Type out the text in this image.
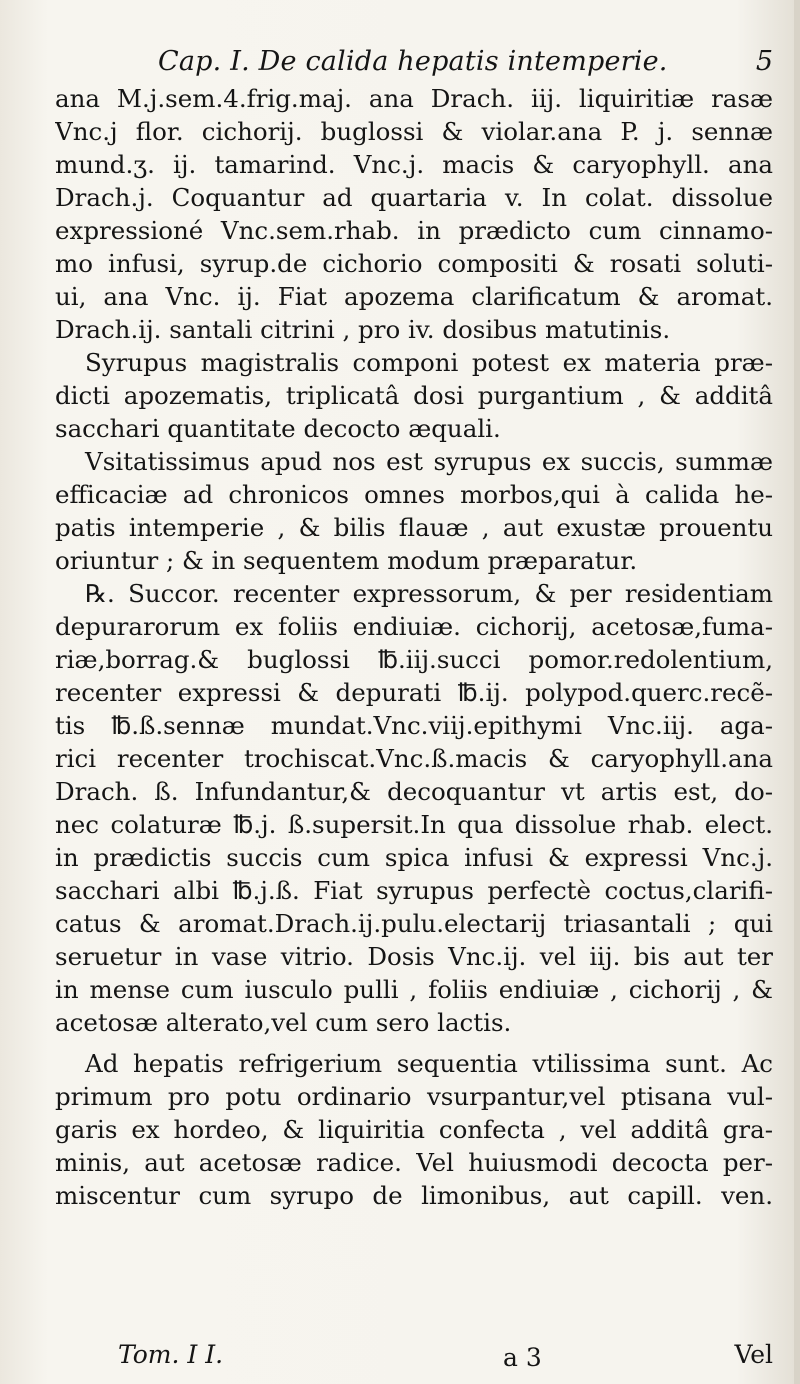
Cap. I. De calida hepatis intemperie.	5
ana M.j.sem.4.frig.maj. ana Drach. iij. liquiritiæ rasæ
Vnc.j flor. cichorij. buglossi & violar.ana P. j. sennæ
mund.ʒ. ij. tamarind. Vnc.j. macis & caryophyll. ana
Drach.j. Coquantur ad quartaria v. In colat. dissolue
expressioné Vnc.sem.rhab. in prædicto cum cinnamo-
mo infusi, syrup.de cichorio compositi & rosati soluti-
ui, ana Vnc. ij. Fiat apozema clarificatum & aromat.
Drach.ij. santali citrini , pro iv. dosibus matutinis.
Syrupus magistralis componi potest ex materia præ-
dicti apozematis, triplicatâ dosi purgantium , & additâ
sacchari quantitate decocto æquali.
Vsitatissimus apud nos est syrupus ex succis, summæ
efficaciæ ad chronicos omnes morbos,qui à calida he-
patis intemperie , & bilis flauæ , aut exustæ prouentu
oriuntur ; & in sequentem modum præparatur.
℞. Succor. recenter expressorum, & per residentiam
depurarorum ex foliis endiuiæ. cichorij, acetosæ,fuma-
riæ,borrag.& buglossi ℔.iij.succi pomor.redolentium,
recenter expressi & depurati ℔.ij. polypod.querc.recẽ-
tis ℔.ß.sennæ mundat.Vnc.viij.epithymi Vnc.iij. aga-
rici recenter trochiscat.Vnc.ß.macis & caryophyll.ana
Drach. ß. Infundantur,& decoquantur vt artis est, do-
nec colaturæ ℔.j. ß.supersit.In qua dissolue rhab. elect.
in prædictis succis cum spica infusi & expressi Vnc.j.
sacchari albi ℔.j.ß. Fiat syrupus perfectè coctus,clarifi-
catus & aromat.Drach.ij.pulu.electarij triasantali ; qui
seruetur in vase vitrio. Dosis Vnc.ij. vel iij. bis aut ter
in mense cum iusculo pulli , foliis endiuiæ , cichorij , &
acetosæ alterato,vel cum sero lactis.
Ad hepatis refrigerium sequentia vtilissima sunt. Ac
primum pro potu ordinario vsurpantur,vel ptisana vul-
garis ex hordeo, & liquiritia confecta , vel additâ gra-
minis, aut acetosæ radice. Vel huiusmodi decocta per-
miscentur cum syrupo de limonibus, aut capill. ven.
Tom. I I.	a 3	Vel
